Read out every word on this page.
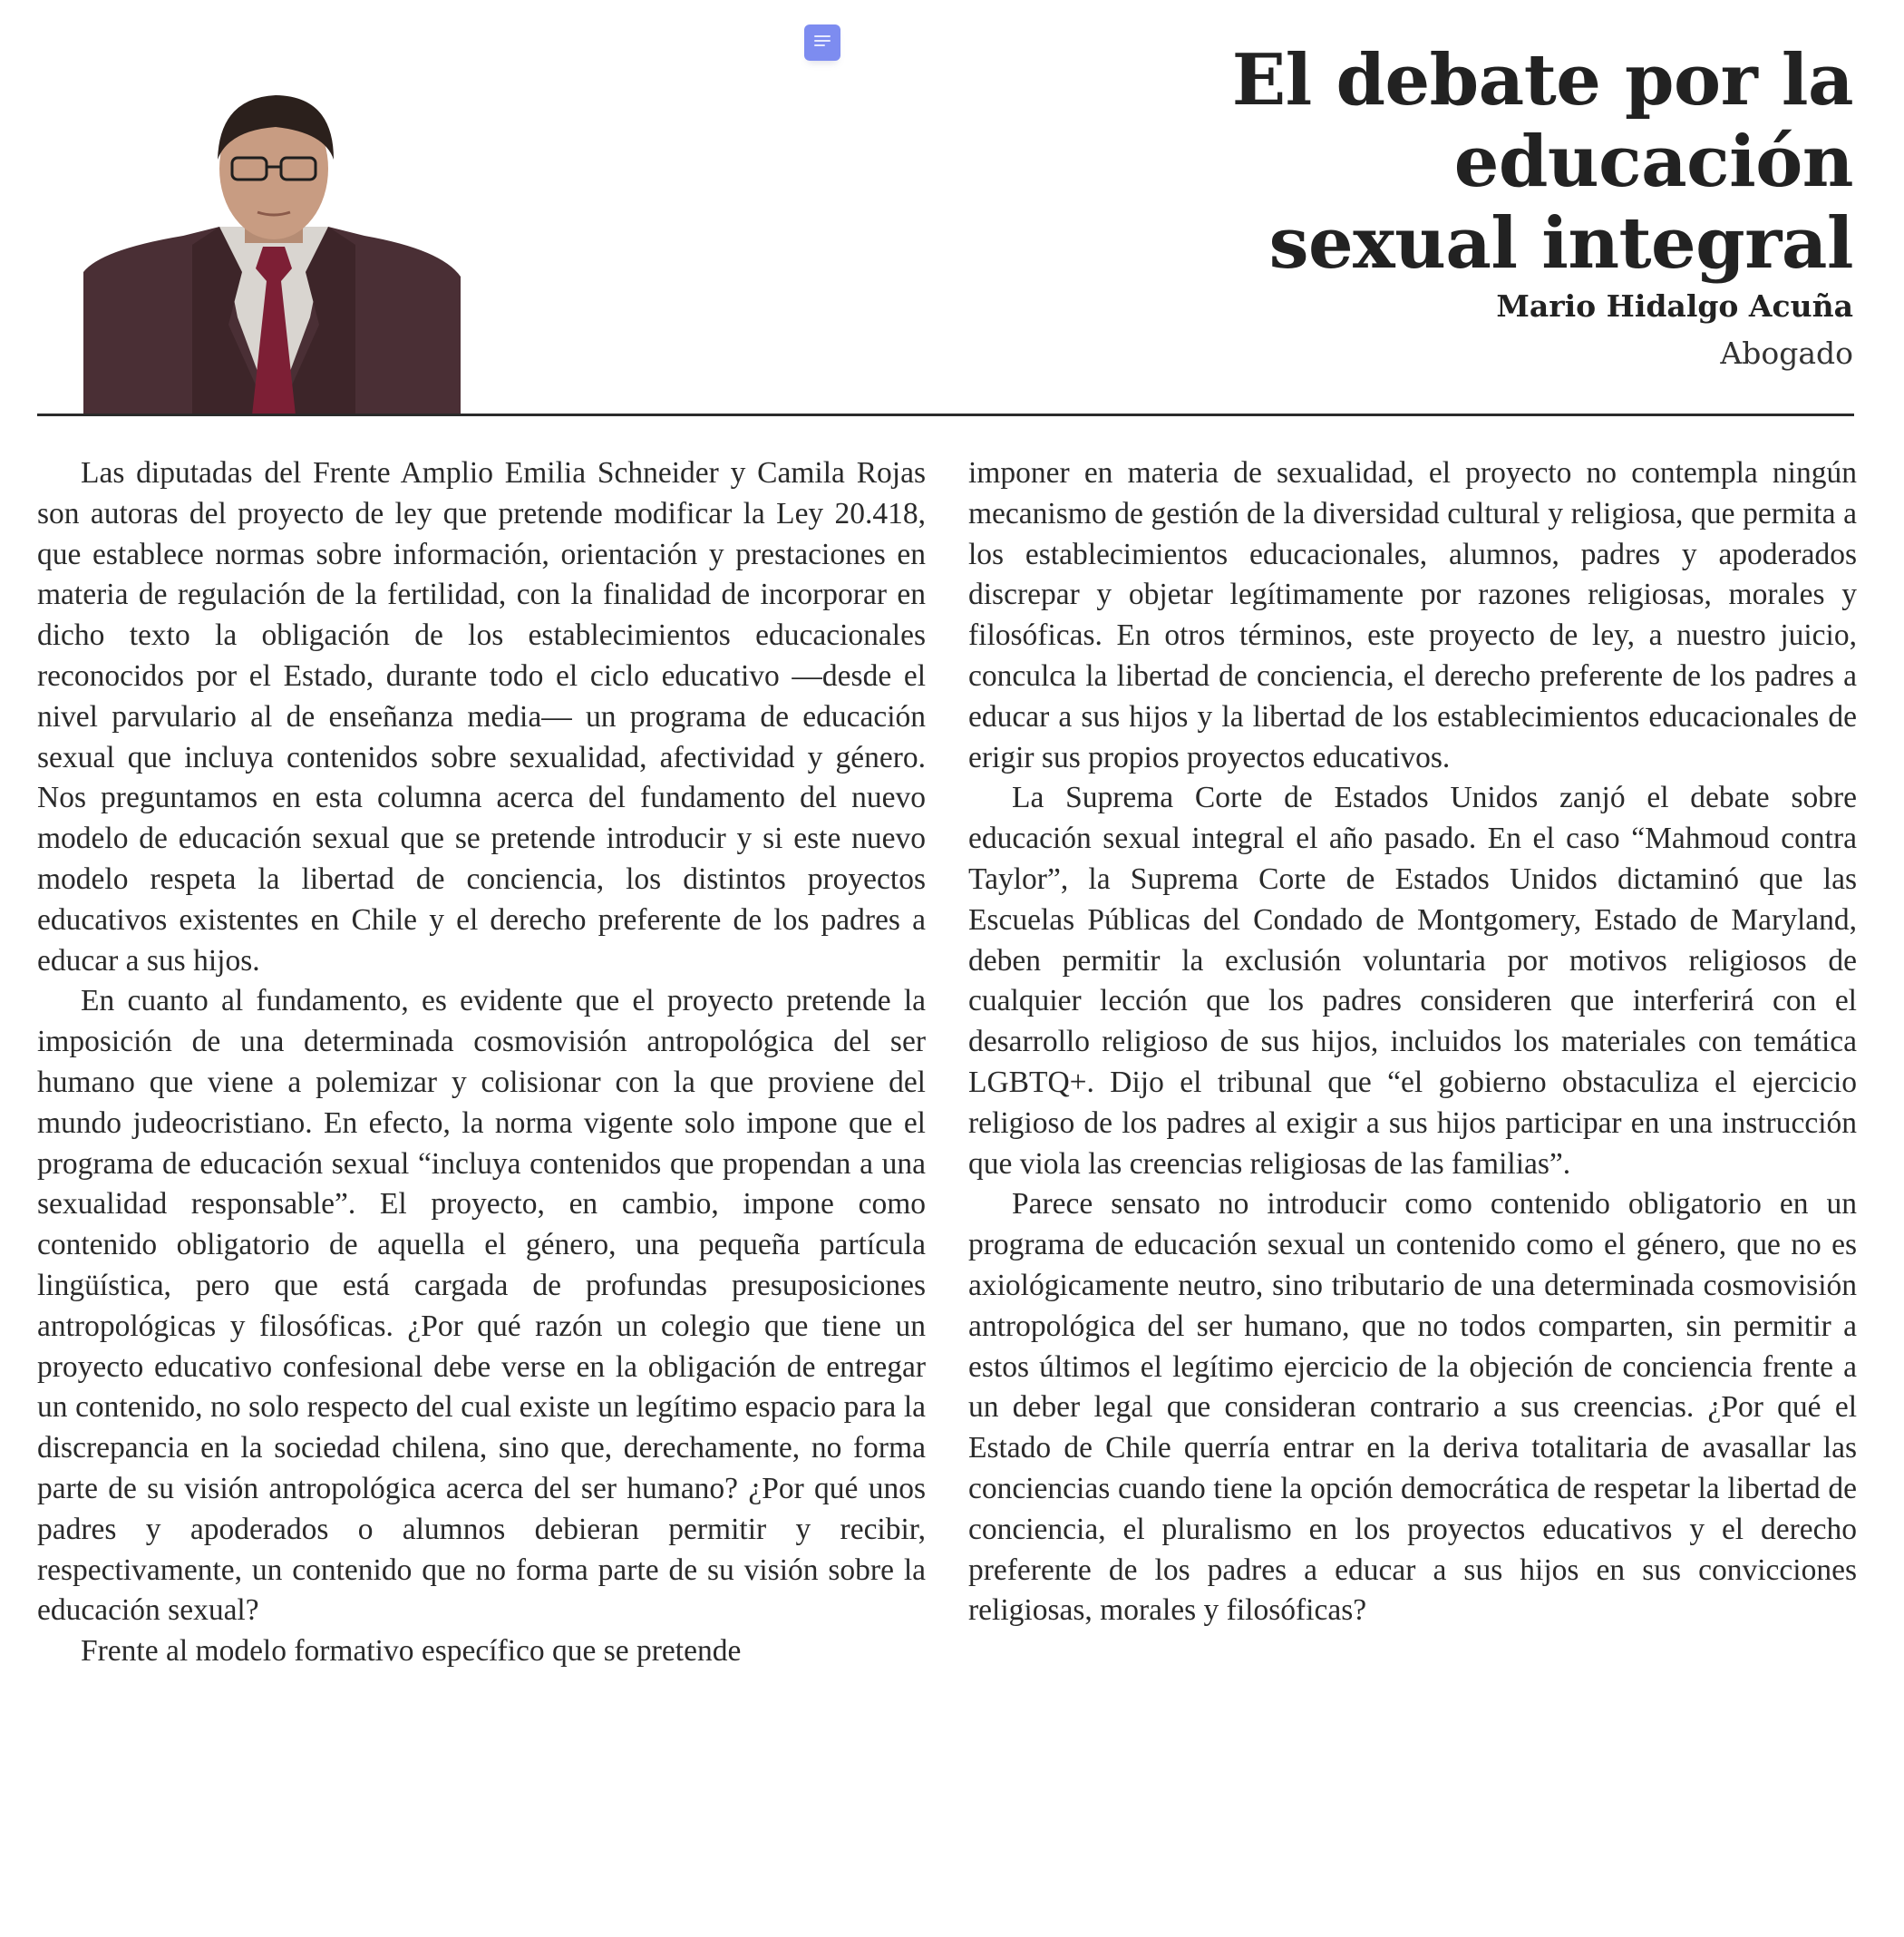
El debate por la educación
sexual integral
Mario Hidalgo Acuña
Abogado

Las diputadas del Frente Amplio Emilia Schneider y Camila Rojas son autoras del proyecto de ley que pretende modificar la Ley 20.418, que establece normas sobre información, orientación y prestaciones en materia de regulación de la fertilidad, con la finalidad de incorporar en dicho texto la obligación de los establecimientos educacionales reconocidos por el Estado, durante todo el ciclo educativo —desde el nivel parvulario al de enseñanza media— un programa de educación sexual que incluya contenidos sobre sexualidad, afectividad y género. Nos preguntamos en esta columna acerca del fundamento del nuevo modelo de educación sexual que se pretende introducir y si este nuevo modelo respeta la libertad de conciencia, los distintos proyectos educativos existentes en Chile y el derecho preferente de los padres a educar a sus hijos.

En cuanto al fundamento, es evidente que el proyecto pretende la imposición de una determinada cosmovisión antropológica del ser humano que viene a polemizar y colisionar con la que proviene del mundo judeocristiano. En efecto, la norma vigente solo impone que el programa de educación sexual “incluya contenidos que propendan a una sexualidad responsable”. El proyecto, en cambio, impone como contenido obligatorio de aquella el género, una pequeña partícula lingüística, pero que está cargada de profundas presuposiciones antropológicas y filosóficas. ¿Por qué razón un colegio que tiene un proyecto educativo confesional debe verse en la obligación de entregar un contenido, no solo respecto del cual existe un legítimo espacio para la discrepancia en la sociedad chilena, sino que, derechamente, no forma parte de su visión antropológica acerca del ser humano? ¿Por qué unos padres y apoderados o alumnos debieran permitir y recibir, respectivamente, un contenido que no forma parte de su visión sobre la educación sexual?

Frente al modelo formativo específico que se pretende

imponer en materia de sexualidad, el proyecto no contempla ningún mecanismo de gestión de la diversidad cultural y religiosa, que permita a los establecimientos educacionales, alumnos, padres y apoderados discrepar y objetar legítimamente por razones religiosas, morales y filosóficas. En otros términos, este proyecto de ley, a nuestro juicio, conculca la libertad de conciencia, el derecho preferente de los padres a educar a sus hijos y la libertad de los establecimientos educacionales de erigir sus propios proyectos educativos.

La Suprema Corte de Estados Unidos zanjó el debate sobre educación sexual integral el año pasado. En el caso “Mahmoud contra Taylor”, la Suprema Corte de Estados Unidos dictaminó que las Escuelas Públicas del Condado de Montgomery, Estado de Maryland, deben permitir la exclusión voluntaria por motivos religiosos de cualquier lección que los padres consideren que interferirá con el desarrollo religioso de sus hijos, incluidos los materiales con temática LGBTQ+. Dijo el tribunal que “el gobierno obstaculiza el ejercicio religioso de los padres al exigir a sus hijos participar en una instrucción que viola las creencias religiosas de las familias”.

Parece sensato no introducir como contenido obligatorio en un programa de educación sexual un contenido como el género, que no es axiológicamente neutro, sino tributario de una determinada cosmovisión antropológica del ser humano, que no todos comparten, sin permitir a estos últimos el legítimo ejercicio de la objeción de conciencia frente a un deber legal que consideran contrario a sus creencias. ¿Por qué el Estado de Chile querría entrar en la deriva totalitaria de avasallar las conciencias cuando tiene la opción democrática de respetar la libertad de conciencia, el pluralismo en los proyectos educativos y el derecho preferente de los padres a educar a sus hijos en sus convicciones religiosas, morales y filosóficas?
